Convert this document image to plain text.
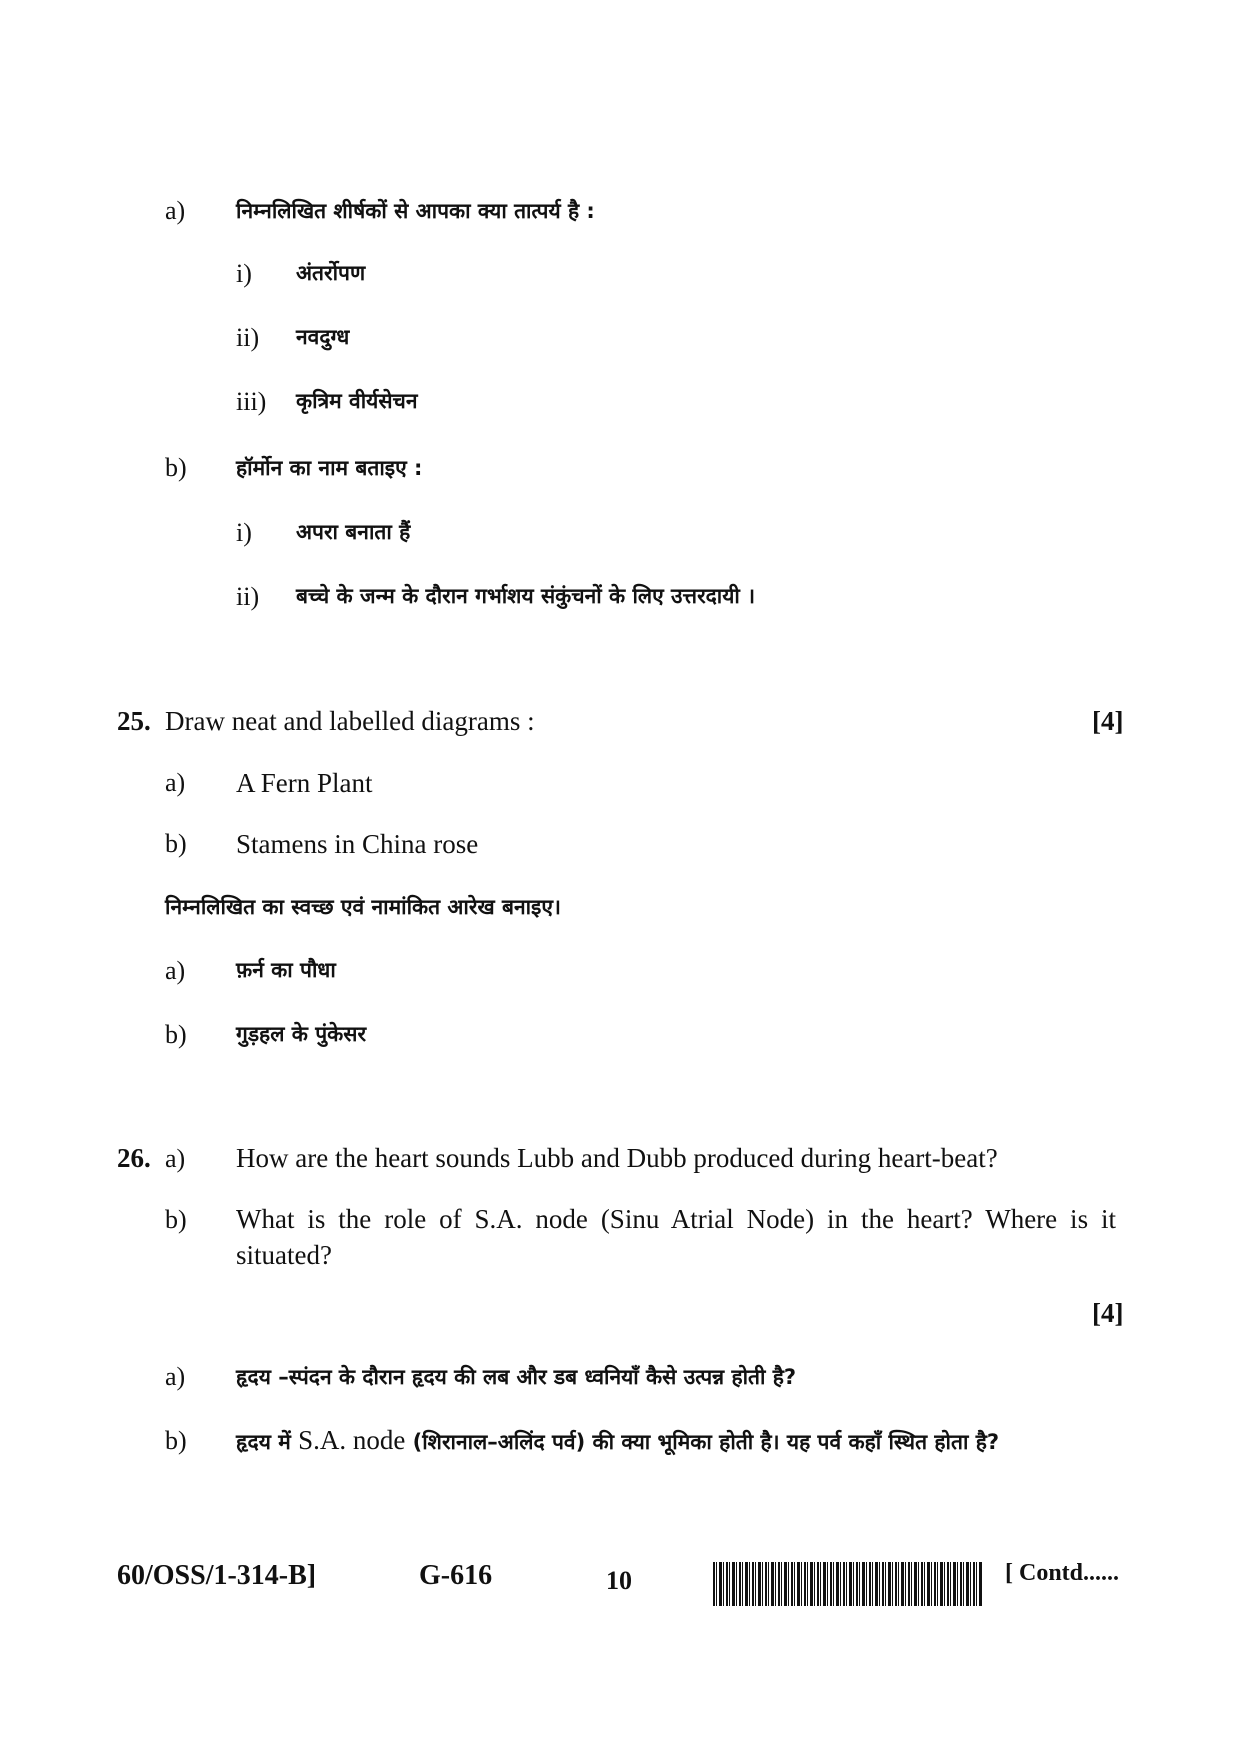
a) निम्नलिखित शीर्षकों से आपका क्या तात्पर्य है :
i) अंतर्रोपण
ii) नवदुग्ध
iii) कृत्रिम वीर्यसेचन
b) हॉर्मोन का नाम बताइए :
i) अपरा बनाता हैं
ii) बच्चे के जन्म के दौरान गर्भाशय संकुंचनों के लिए उत्तरदायी ।
25. Draw neat and labelled diagrams :	[4]
a) A Fern Plant
b) Stamens in China rose
निम्नलिखित का स्वच्छ एवं नामांकित आरेख बनाइए।
a) फ़र्न का पौधा
b) गुड़हल के पुंकेसर
26. a) How are the heart sounds Lubb and Dubb produced during heart-beat?
b) What is the role of S.A. node (Sinu Atrial Node) in the heart? Where is it
situated?
[4]
a) हृदय –स्पंदन के दौरान हृदय की लब और डब ध्वनियाँ कैसे उत्पन्न होती है?
b) हृदय में S.A. node (शिरानाल–अलिंद पर्व) की क्या भूमिका होती है। यह पर्व कहाँ स्थित होता है?
60/OSS/1-314-B]	G-616	10	[ Contd......
